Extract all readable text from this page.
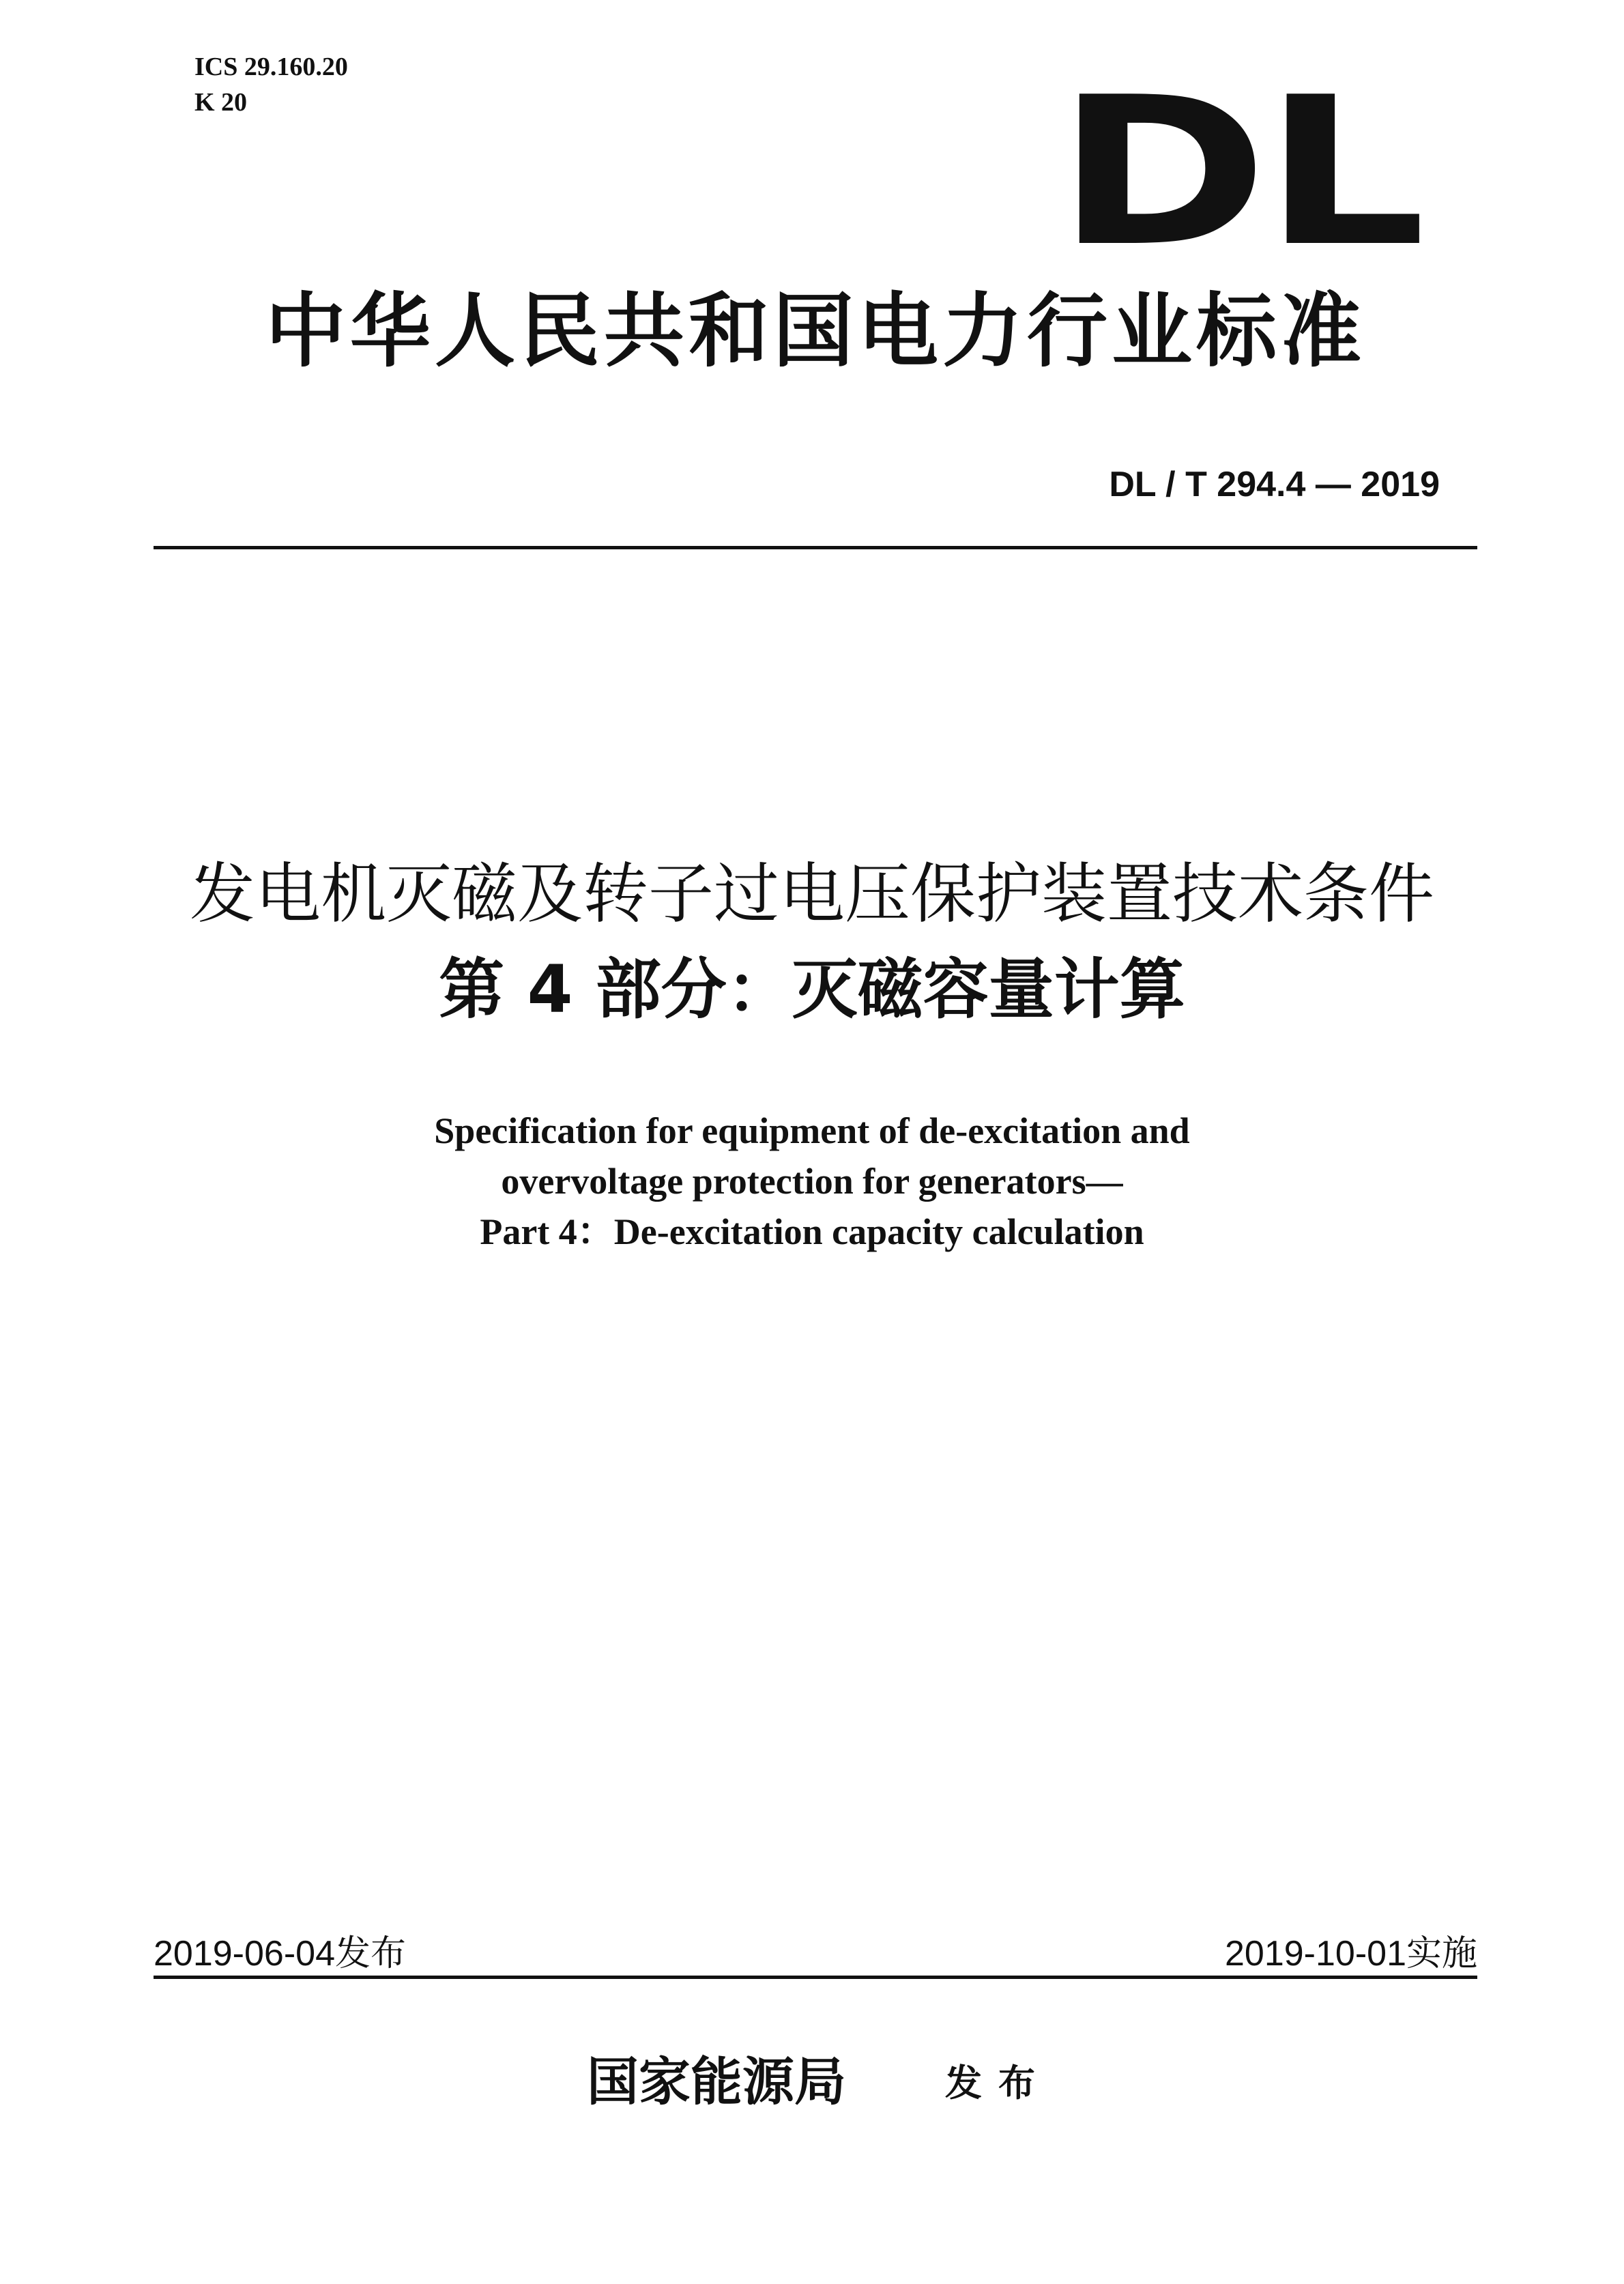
ICS 29.160.20
K 20	DL
中华人民共和国电力行业标准
DL / T 294.4 — 2019
发电机灭磁及转子过电压保护装置技术条件
第 4 部分：灭磁容量计算
Specification for equipment of de-excitation and
overvoltage protection for generators—
Part 4：De-excitation capacity calculation
2019-06-04发布	2019-10-01实施
国家能源局	发布
